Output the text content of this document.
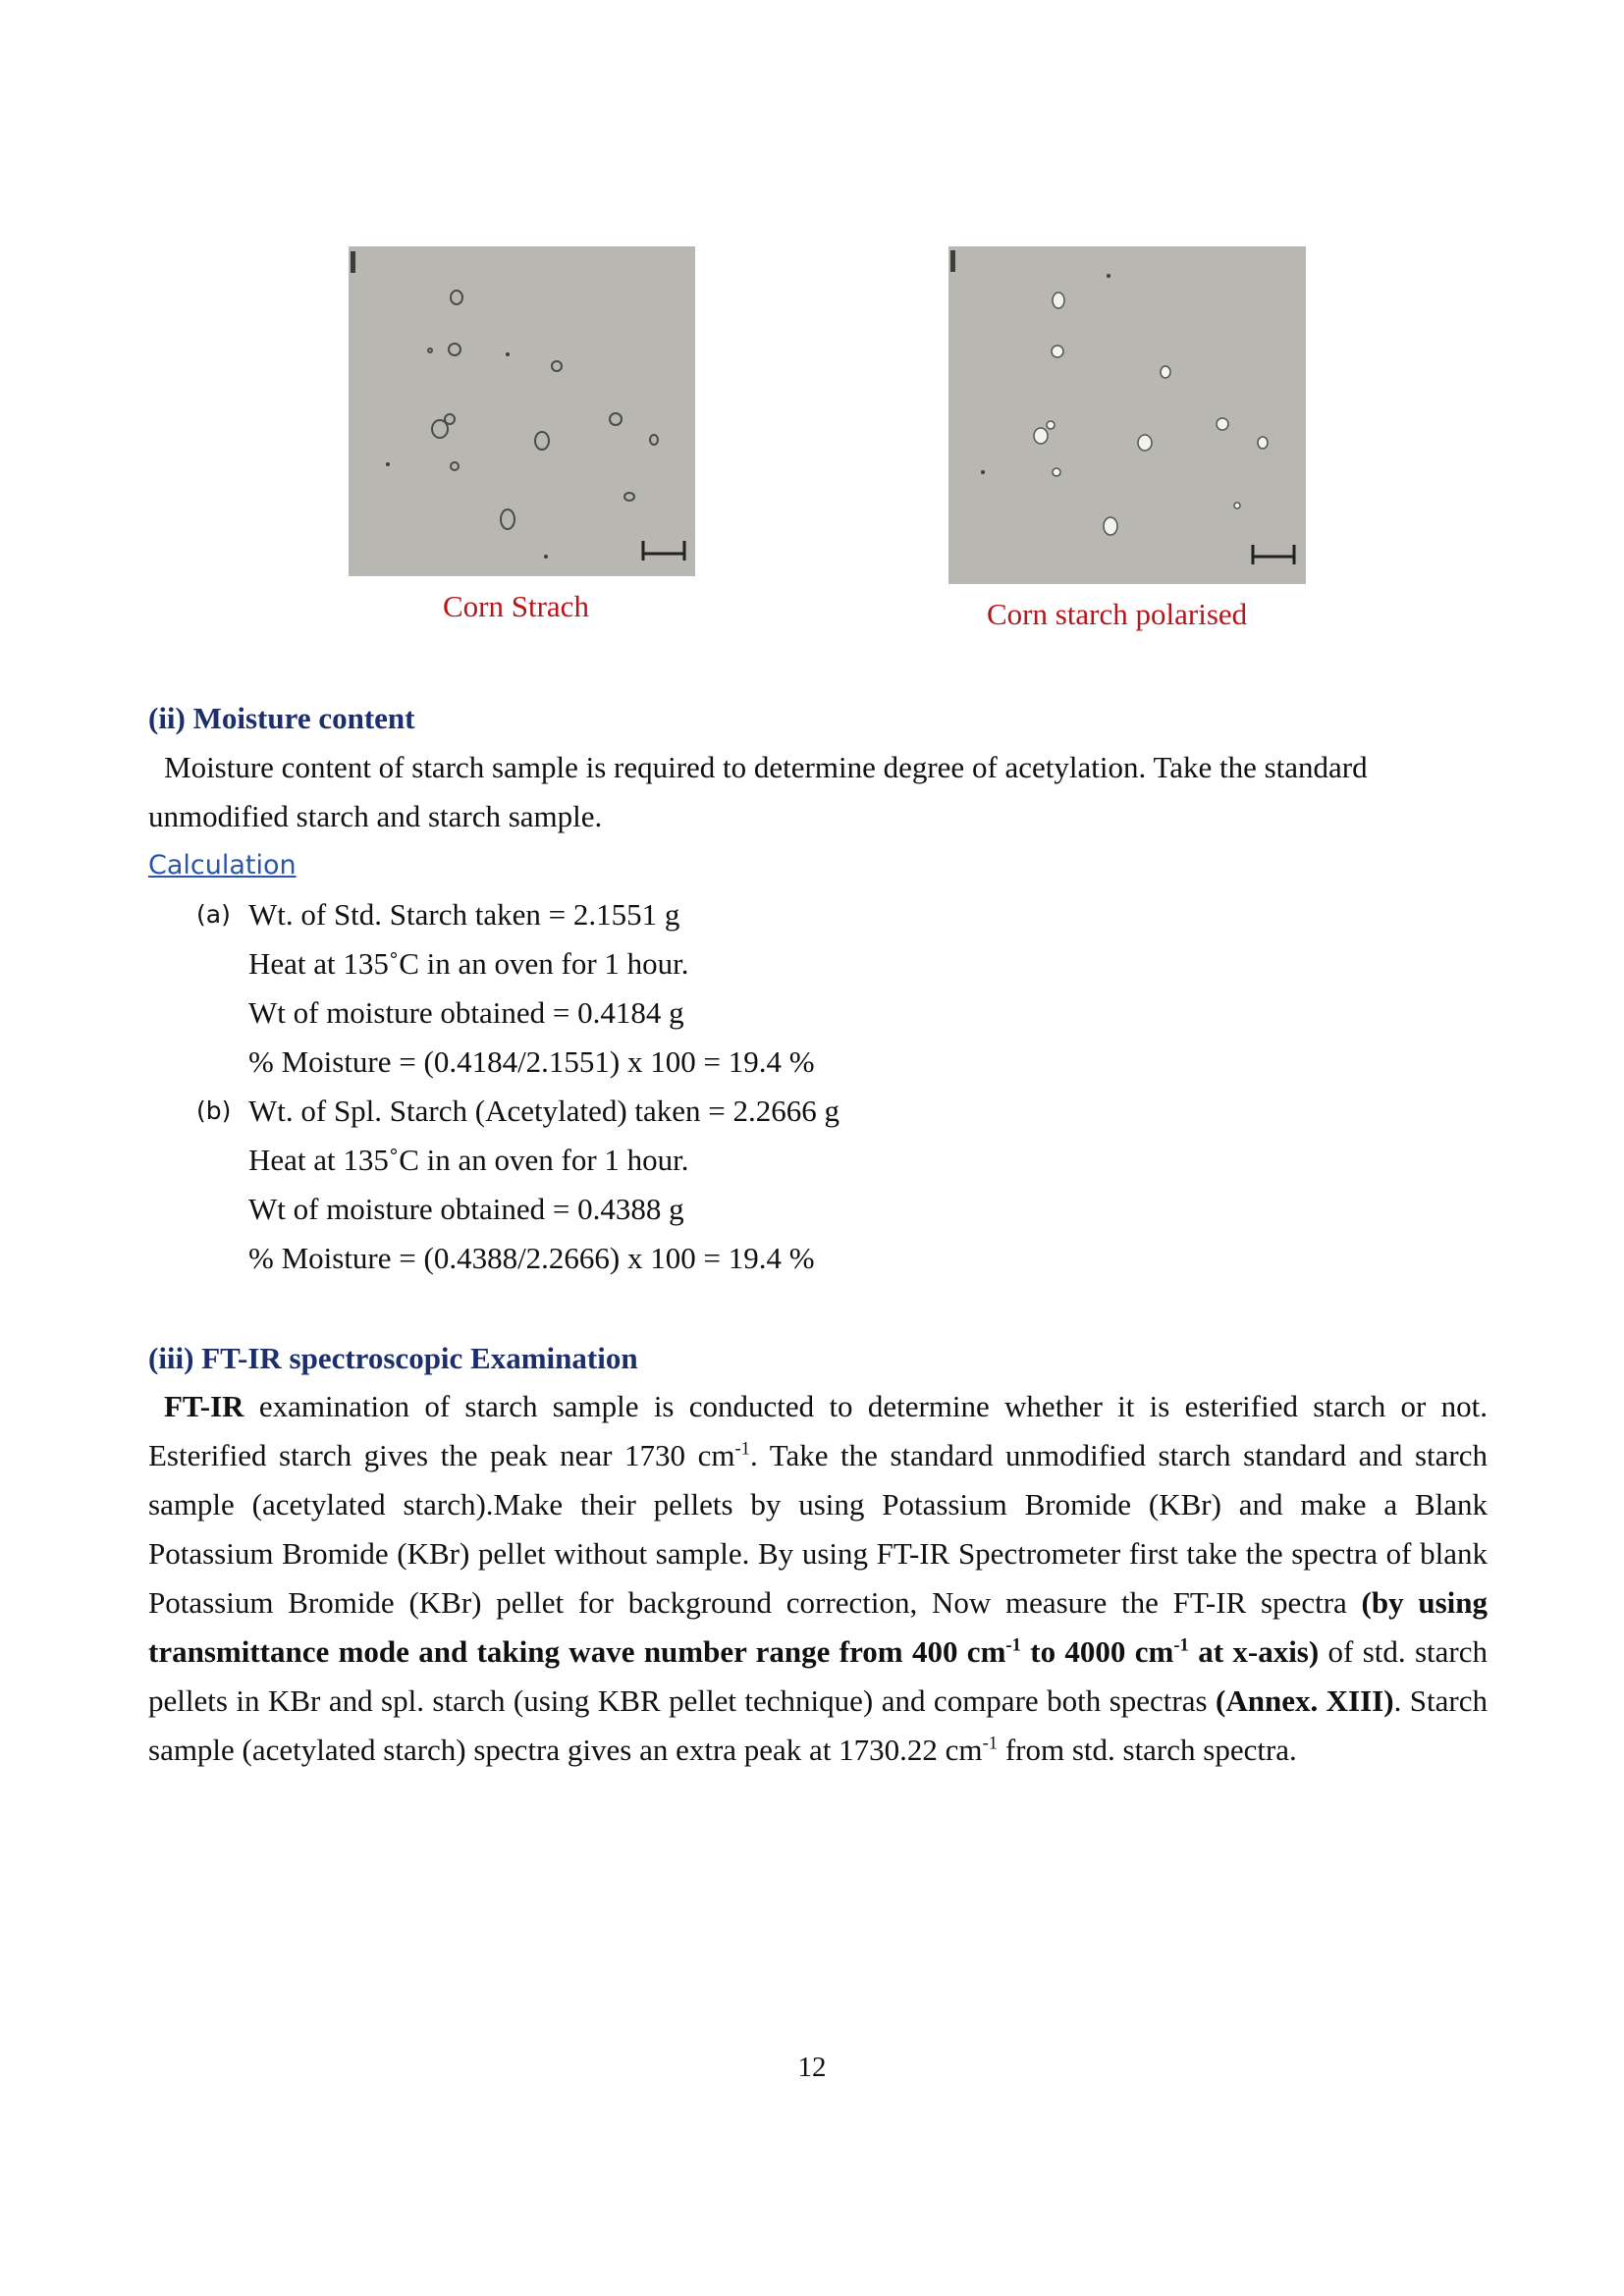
Corn Strach	Corn starch polarised
(ii) Moisture content
Moisture content of starch sample is required to determine degree of acetylation. Take the standard
unmodified starch and starch sample.
Calculation
(a) Wt. of Std. Starch taken = 2.1551 g
Heat at 135˚C in an oven for 1 hour.
Wt of moisture obtained = 0.4184 g
% Moisture = (0.4184/2.1551) x 100 = 19.4 %
(b) Wt. of Spl. Starch (Acetylated) taken = 2.2666 g
Heat at 135˚C in an oven for 1 hour.
Wt of moisture obtained = 0.4388 g
% Moisture = (0.4388/2.2666) x 100 = 19.4 %
(iii) FT-IR spectroscopic Examination

FT-IR examination of starch sample is conducted to determine whether it is esterified starch or not. Esterified starch gives the peak near 1730 $cm^{-1}$. Take the standard unmodified starch standard and starch sample (acetylated starch).Make their pellets by using Potassium Bromide (KBr) and make a Blank Potassium Bromide (KBr) pellet without sample. By using FT-IR Spectrometer first take the spectra of blank Potassium Bromide (KBr) pellet for background correction, Now measure the FT-IR spectra (by using transmittance mode and taking wave number range from 400 $cm^{-1}$ to 4000 $cm^{-1}$ at x-axis) of std. starch pellets in KBr and spl. starch (using KBR pellet technique) and compare both spectras (Annex. XIII). Starch sample (acetylated starch) spectra gives an extra peak at 1730.22 $cm^{-1}$ from std. starch spectra.

12
